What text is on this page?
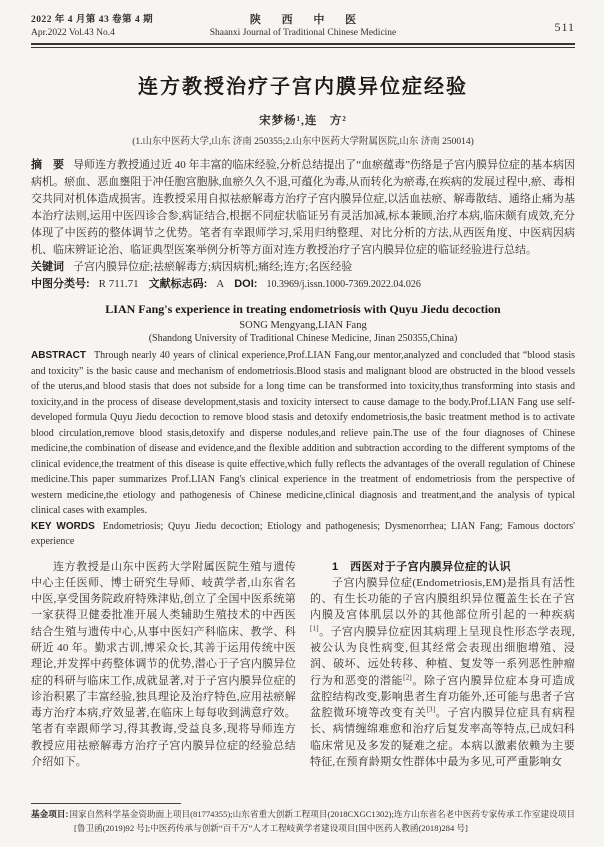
2022 年 4 月第 43 卷第 4 期
Apr.2022 Vol.43 No.4
陕 西 中 医
Shaanxi Journal of Traditional Chinese Medicine	511
连方教授治疗子宫内膜异位症经验
宋梦杨¹,连　方²
(1.山东中医药大学,山东 济南 250355;2.山东中医药大学附属医院,山东 济南 250014)
摘　要 导师连方教授通过近 40 年丰富的临床经验,分析总结提出了“血瘀蕴毒”伤络是子宫内膜异位症的基本病因病机。瘀血、恶血壅阻于冲任胞宫胞脉,血瘀久久不退,可蕴化为毒,从而转化为瘀毒,在疾病的发展过程中,瘀、毒相交共同对机体造成损害。连教授采用自拟祛瘀解毒方治疗子宫内膜异位症,以活血祛瘀、解毒散结、通络止痛为基本治疗法则,运用中医四诊合参,病证结合,根据不同症状临证另有灵活加减,标本兼顾,治疗本病,临床颇有成效,充分体现了中医药的整体调节之优势。笔者有幸跟师学习,采用归纳整理、对比分析的方法,从西医角度、中医病因病机、临床辨证论治、临证典型医案举例分析等方面对连方教授治疗子宫内膜异位症的临证经验进行总结。
关键词 子宫内膜异位症;祛瘀解毒方;病因病机;痛经;连方;名医经验
中图分类号: R 711.71 文献标志码: A DOI: 10.3969/j.issn.1000-7369.2022.04.026
LIAN Fang's experience in treating endometriosis with Quyu Jiedu decoction
SONG Mengyang,LIAN Fang
(Shandong University of Traditional Chinese Medicine, Jinan 250355,China)
ABSTRACT Through nearly 40 years of clinical experience,Prof.LIAN Fang,our mentor,analyzed and concluded that “blood stasis and toxicity” is the basic cause and mechanism of endometriosis.Blood stasis and malignant blood are obstructed in the blood vessels of the uterus,and blood stasis that does not subside for a long time can be transformed into toxicity,thus transforming into stasis and toxicity,and in the process of disease development,stasis and toxicity intersect to cause damage to the body.Prof.LIAN Fang use self-developed formula Quyu Jiedu decoction to remove blood stasis and detoxify endometriosis,the basic treatment method is to activate blood circulation,remove blood stasis,detoxify and disperse nodules,and relieve pain.The use of the four diagnoses of Chinese medicine,the combination of disease and evidence,and the flexible addition and subtraction according to the different symptoms of the clinical evidence,the treatment of this disease is quite effective,which fully reflects the advantages of the overall regulation of Chinese medicine.This paper summarizes Prof.LIAN Fang's clinical experience in the treatment of endometriosis from the perspective of western medicine,the etiology and pathogenesis of Chinese medicine,clinical diagnosis and treatment,and the analysis of typical clinical cases with examples.
KEY WORDS Endometriosis; Quyu Jiedu decoction; Etiology and pathogenesis; Dysmenorrhea; LIAN Fang; Famous doctors' experience

连方教授是山东中医药大学附属医院生殖与遗传中心主任医师、博士研究生导师、岐黄学者,山东省名中医,享受国务院政府特殊津贴,创立了全国中医系统第一家获得卫健委批准开展人类辅助生殖技术的中西医结合生殖与遗传中心,从事中医妇产科临床、教学、科研近 40 年。勤求古训,博采众长,其善于运用传统中医理论,并发挥中药整体调节的优势,潜心于子宫内膜异位症的科研与临床工作,成就显著,对于子宫内膜异位症的诊治积累了丰富经验,独具理论及治疗特色,应用祛瘀解毒方治疗本病,疗效显著,在临床上每每收到满意疗效。笔者有幸跟师学习,得其教诲,受益良多,现将导师连方教授应用祛瘀解毒方治疗子宫内膜异位症的经验总结介绍如下。

1　西医对于子宫内膜异位症的认识

子宫内膜异位症(Endometriosis,EM)是指具有活性的、有生长功能的子宫内膜组织异位覆盖生长在子宫内膜及宫体肌层以外的其他部位所引起的一种疾病[1]。子宫内膜异位症因其病理上呈现良性形态学表现,被公认为良性病变,但其经常会表现出细胞增殖、浸润、破坏、远处转移、种植、复发等一系列恶性肿瘤行为和恶变的潜能[2]。除子宫内膜异位症本身可造成盆腔结构改变,影响患者生育功能外,还可能与患者子宫盆腔微环境等改变有关[3]。子宫内膜异位症具有病程长、病情缠绵难愈和治疗后复发率高等特点,已成妇科临床常见及多发的疑难之症。本病以激素依赖为主要特征,在预育龄期女性群体中最为多见,可严重影响女

基金项目:国家自然科学基金资助面上项目(81774355);山东省重大创新工程项目(2018CXGC1302);连方山东省名老中医药专家传承工作室建设项目[鲁卫函(2019)92 号];中医药传承与创新“百千万”人才工程岐黄学者建设项目[国中医药人教函(2018)284 号]
